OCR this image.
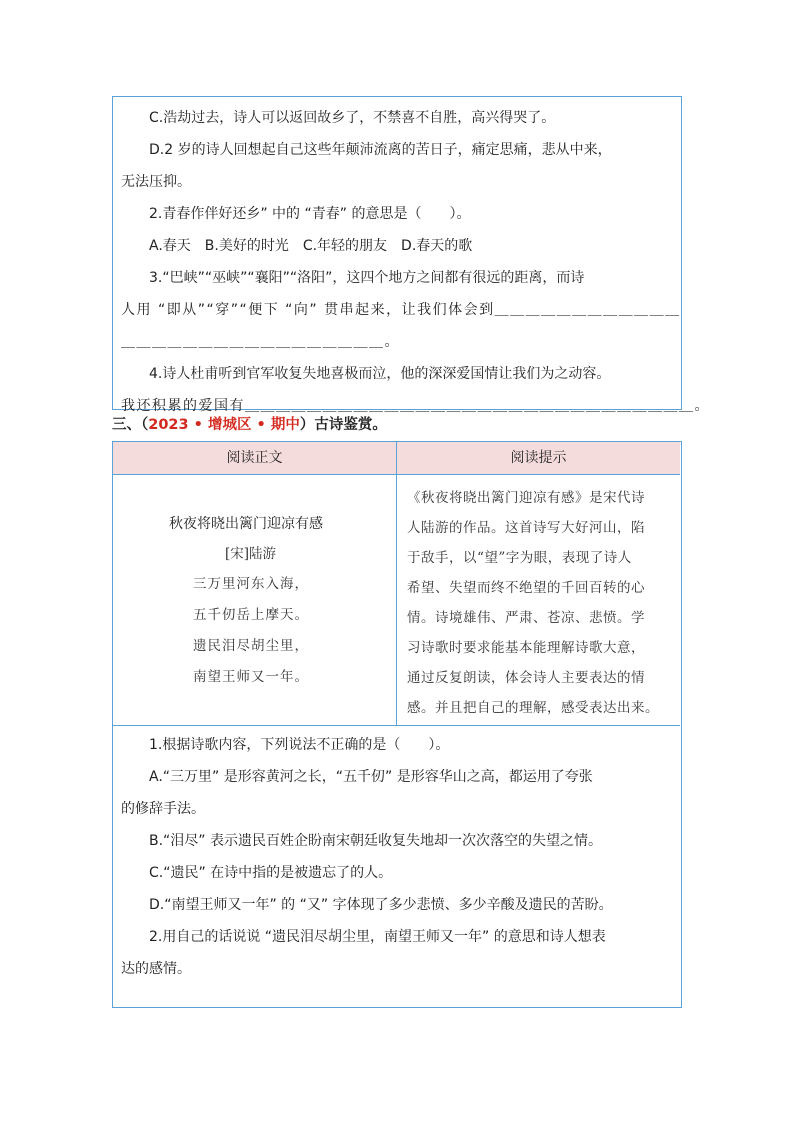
C.浩劫过去，诗人可以返回故乡了，不禁喜不自胜，高兴得哭了。

D.2 岁的诗人回想起自己这些年颠沛流离的苦日子，痛定思痛，悲从中来，

无法压抑。

2.青春作伴好还乡” 中的 “青春” 的意思是（　　）。

A.春天　B.美好的时光　C.年轻的朋友　D.春天的歌

3.“巴峡”“巫峡”“襄阳”“洛阳”，这四个地方之间都有很远的距离，而诗

人用 “即从”“穿”“便下 “向” 贯串起来，让我们体会到＿＿＿＿＿＿＿＿＿＿＿＿

＿＿＿＿＿＿＿＿＿＿＿＿＿＿＿＿＿。

4.诗人杜甫听到官军收复失地喜极而泣，他的深深爱国情让我们为之动容。

我还积累的爱国有＿＿＿＿＿＿＿＿＿＿＿＿＿＿＿＿＿＿＿＿＿＿＿＿＿＿＿＿＿。

三、（2023 • 增城区 • 期中）古诗鉴赏。
阅读正文	阅读提示
秋夜将晓出篱门迎凉有感
[宋]陆游
三万里河东入海，
五千仞岳上摩天。
遗民泪尽胡尘里，
南望王师又一年。

《秋夜将晓出篱门迎凉有感》是宋代诗

人陆游的作品。这首诗写大好河山，陷

于敌手，以“望”字为眼，表现了诗人

希望、失望而终不绝望的千回百转的心

情。诗境雄伟、严肃、苍凉、悲愤。学

习诗歌时要求能基本能理解诗歌大意，

通过反复朗读，体会诗人主要表达的情

感。并且把自己的理解，感受表达出来。

1.根据诗歌内容，下列说法不正确的是（　　）。

A.“三万里” 是形容黄河之长，“五千仞” 是形容华山之高，都运用了夸张

的修辞手法。

B.“泪尽” 表示遗民百姓企盼南宋朝廷收复失地却一次次落空的失望之情。

C.“遗民” 在诗中指的是被遗忘了的人。

D.“南望王师又一年” 的 “又” 字体现了多少悲愤、多少辛酸及遗民的苦盼。

2.用自己的话说说 “遗民泪尽胡尘里，南望王师又一年” 的意思和诗人想表

达的感情。
